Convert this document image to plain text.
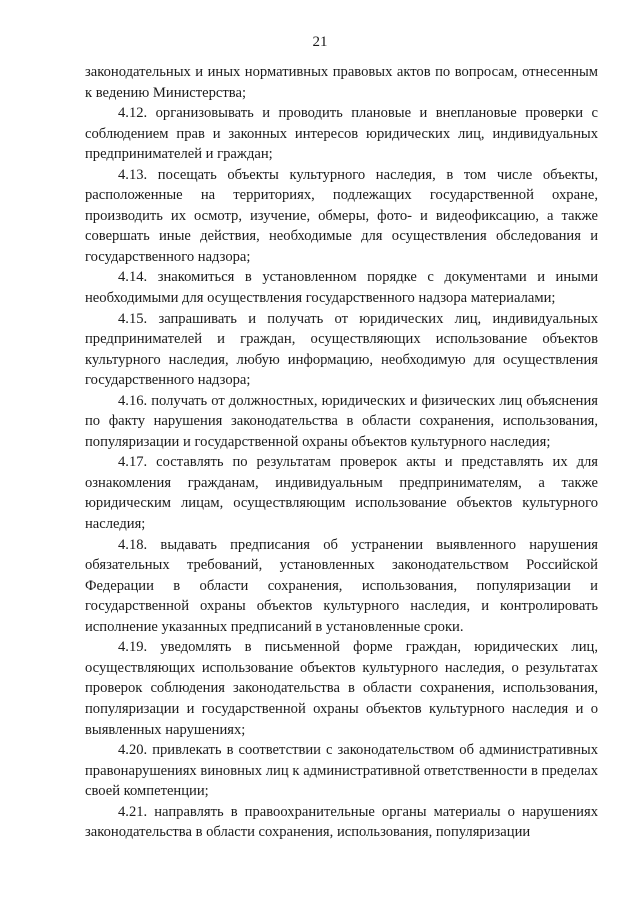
21

законодательных и иных нормативных правовых актов по вопросам, отнесенным к ведению Министерства;

4.12. организовывать и проводить плановые и внеплановые проверки с соблюдением прав и законных интересов юридических лиц, индивидуальных предпринимателей и граждан;

4.13. посещать объекты культурного наследия, в том числе объекты, расположенные на территориях, подлежащих государственной охране, производить их осмотр, изучение, обмеры, фото- и видеофиксацию, а также совершать иные действия, необходимые для осуществления обследования и государственного надзора;

4.14. знакомиться в установленном порядке с документами и иными необходимыми для осуществления государственного надзора материалами;

4.15. запрашивать и получать от юридических лиц, индивидуальных предпринимателей и граждан, осуществляющих использование объектов культурного наследия, любую информацию, необходимую для осуществления государственного надзора;

4.16. получать от должностных, юридических и физических лиц объяснения по факту нарушения законодательства в области сохранения, использования, популяризации и государственной охраны объектов культурного наследия;

4.17. составлять по результатам проверок акты и представлять их для ознакомления гражданам, индивидуальным предпринимателям, а также юридическим лицам, осуществляющим использование объектов культурного наследия;

4.18. выдавать предписания об устранении выявленного нарушения обязательных требований, установленных законодательством Российской Федерации в области сохранения, использования, популяризации и государственной охраны объектов культурного наследия, и контролировать исполнение указанных предписаний в установленные сроки.

4.19. уведомлять в письменной форме граждан, юридических лиц, осуществляющих использование объектов культурного наследия, о результатах проверок соблюдения законодательства в области сохранения, использования, популяризации и государственной охраны объектов культурного наследия и о выявленных нарушениях;

4.20. привлекать в соответствии с законодательством об административных правонарушениях виновных лиц к административной ответственности в пределах своей компетенции;

4.21. направлять в правоохранительные органы материалы о нарушениях законодательства в области сохранения, использования, популяризации
